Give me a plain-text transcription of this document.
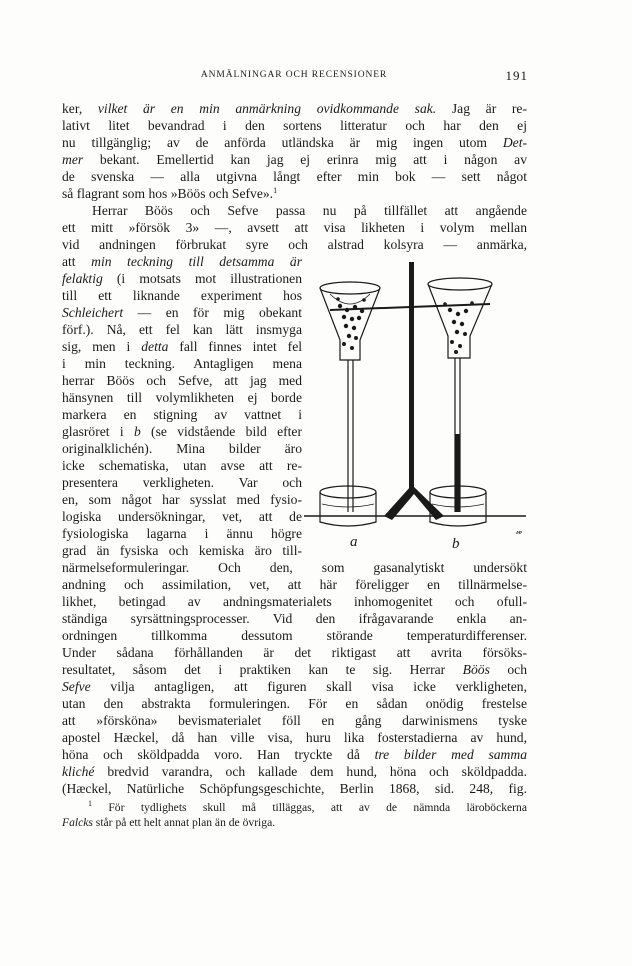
ANMÄLNINGAR OCH RECENSIONER	191
ker, vilket är en min anmärkning ovidkommande sak. Jag är re-
lativt litet bevandrad i den sortens litteratur och har den ej
nu tillgänglig; av de anförda utländska är mig ingen utom Det-
mer bekant. Emellertid kan jag ej erinra mig att i någon av
de svenska — alla utgivna långt efter min bok — sett något
så flagrant som hos »Böös och Sefve».$^1$
Herrar Böös och Sefve passa nu på tillfället att angående
ett mitt »försök 3» —, avsett att visa likheten i volym mellan
vid andningen förbrukat syre och alstrad kolsyra — anmärka,
att min teckning till detsamma är
felaktig (i motsats mot illustrationen
till ett liknande experiment hos
Schleichert — en för mig obekant
förf.). Nå, ett fel kan lätt insmyga
sig, men i detta fall finnes intet fel
i min teckning. Antagligen mena
herrar Böös och Sefve, att jag med
hänsynen till volymlikheten ej borde
markera en stigning av vattnet i
glasröret i b (se vidstående bild efter
originalklichén). Mina bilder äro
icke schematiska, utan avse att re-
presentera verkligheten. Var och
en, som något har sysslat med fysio-
logiska undersökningar, vet, att de
fysiologiska lagarna i ännu högre
grad än fysiska och kemiska äro till-
närmelseformuleringar. Och den, som gasanalytiskt undersökt
andning och assimilation, vet, att här föreligger en tillnärmelse-
likhet, betingad av andningsmaterialets inhomogenitet och ofull-
ständiga syrsättningsprocesser. Vid den ifrågavarande enkla an-
ordningen tillkomma dessutom störande temperaturdifferenser.
Under sådana förhållanden är det riktigast att avrita försöks-
resultatet, såsom det i praktiken kan te sig. Herrar Böös och
Sefve vilja antagligen, att figuren skall visa icke verkligheten,
utan den abstrakta formuleringen. För en sådan onödig frestelse
att »förskönа» bevismaterialet föll en gång darwinismens tyske
apostel Hæckel, då han ville visa, huru lika fosterstadierna av hund,
höna och sköldpadda voro. Han tryckte då tre bilder med samma
kliché bredvid varandra, och kallade dem hund, höna och sköldpadda.
(Hæckel, Natürliche Schöpfungsgeschichte, Berlin 1868, sid. 248, fig.
$^1$ För tydlighets skull må tilläggas, att av de nämnda läroböckerna
Falcks står på ett helt annat plan än de övriga.
a	b
𝓌
